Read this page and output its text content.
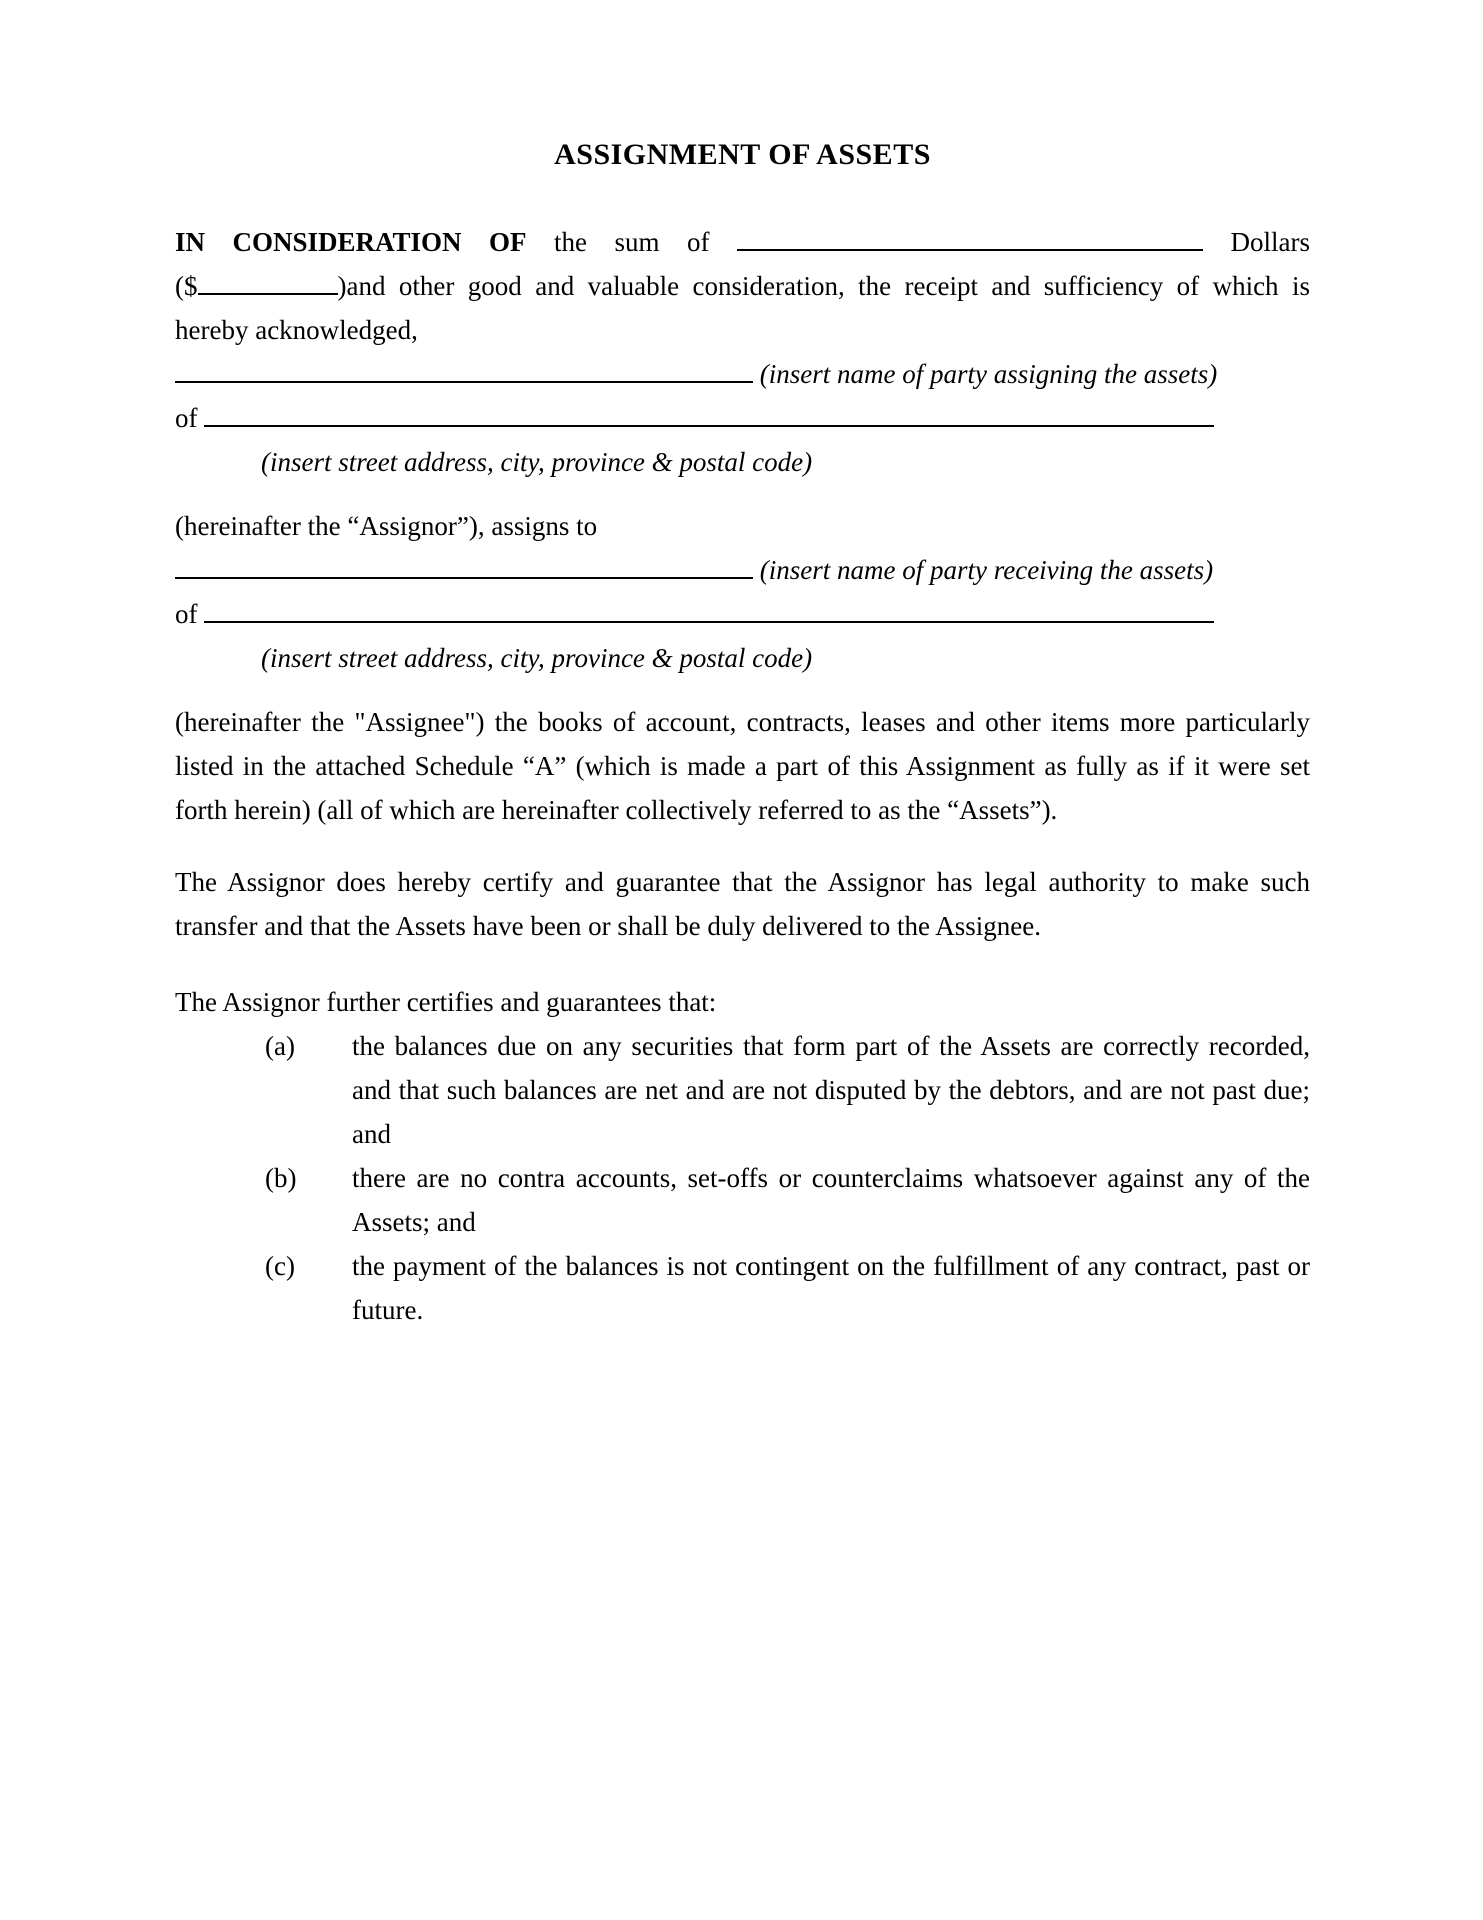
ASSIGNMENT OF ASSETS

IN CONSIDERATION OF the sum of	Dollars ($	)and other good and valuable consideration, the receipt and sufficiency of which is hereby acknowledged,

(insert name of party assigning the assets)

of

(insert street address, city, province & postal code)

(hereinafter the “Assignor”), assigns to

(insert name of party receiving the assets)

of

(insert street address, city, province & postal code)

(hereinafter the "Assignee") the books of account, contracts, leases and other items more particularly listed in the attached Schedule “A” (which is made a part of this Assignment as fully as if it were set forth herein) (all of which are hereinafter collectively referred to as the “Assets”).

The Assignor does hereby certify and guarantee that the Assignor has legal authority to make such transfer and that the Assets have been or shall be duly delivered to the Assignee.

The Assignor further certifies and guarantees that:

(a) the balances due on any securities that form part of the Assets are correctly recorded, and that such balances are net and are not disputed by the debtors, and are not past due; and
(b) there are no contra accounts, set-offs or counterclaims whatsoever against any of the Assets; and
(c) the payment of the balances is not contingent on the fulfillment of any contract, past or future.
